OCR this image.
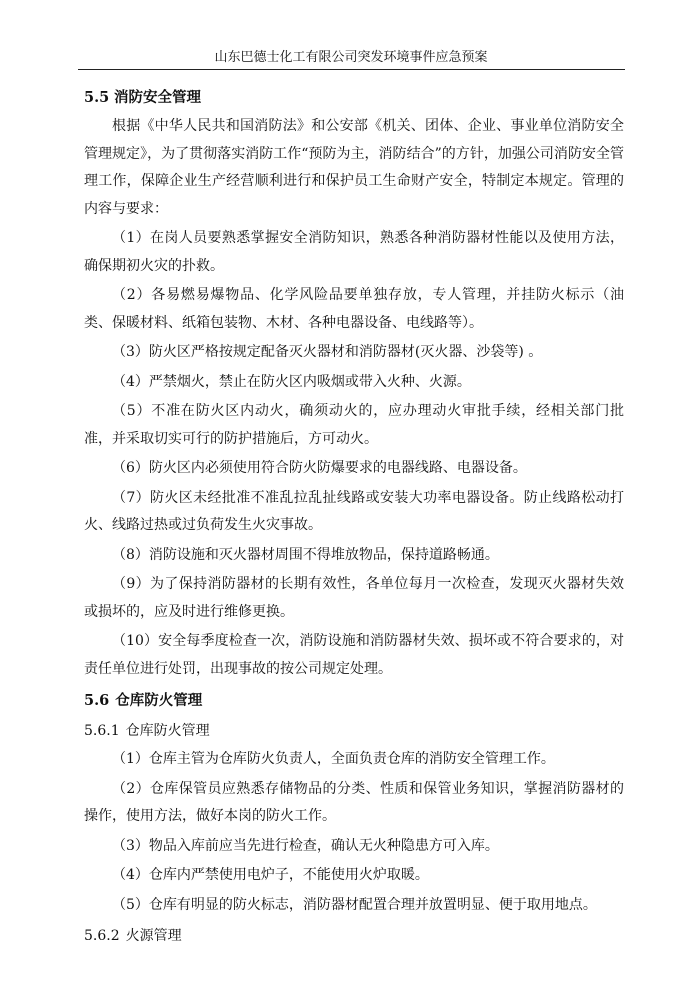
山东巴德士化工有限公司突发环境事件应急预案
5.5 消防安全管理

根据《中华人民共和国消防法》和公安部《机关、团体、企业、事业单位消防安全管理规定》，为了贯彻落实消防工作“预防为主，消防结合”的方针，加强公司消防安全管理工作，保障企业生产经营顺利进行和保护员工生命财产安全，特制定本规定。管理的内容与要求：

（1）在岗人员要熟悉掌握安全消防知识，熟悉各种消防器材性能以及使用方法，确保期初火灾的扑救。

（2）各易燃易爆物品、化学风险品要单独存放，专人管理，并挂防火标示（油类、保暖材料、纸箱包装物、木材、各种电器设备、电线路等）。

（3）防火区严格按规定配备灭火器材和消防器材(灭火器、沙袋等) 。

（4）严禁烟火，禁止在防火区内吸烟或带入火种、火源。

（5）不准在防火区内动火，确须动火的，应办理动火审批手续，经相关部门批准，并采取切实可行的防护措施后，方可动火。

（6）防火区内必须使用符合防火防爆要求的电器线路、电器设备。

（7）防火区未经批准不准乱拉乱扯线路或安装大功率电器设备。防止线路松动打火、线路过热或过负荷发生火灾事故。

（8）消防设施和灭火器材周围不得堆放物品，保持道路畅通。

（9）为了保持消防器材的长期有效性，各单位每月一次检查，发现灭火器材失效或损坏的，应及时进行维修更换。

（10）安全每季度检查一次，消防设施和消防器材失效、损坏或不符合要求的，对责任单位进行处罚，出现事故的按公司规定处理。

5.6 仓库防火管理
5.6.1 仓库防火管理

（1）仓库主管为仓库防火负责人，全面负责仓库的消防安全管理工作。

（2）仓库保管员应熟悉存储物品的分类、性质和保管业务知识，掌握消防器材的操作，使用方法，做好本岗的防火工作。

（3）物品入库前应当先进行检查，确认无火种隐患方可入库。

（4）仓库内严禁使用电炉子，不能使用火炉取暖。

（5）仓库有明显的防火标志，消防器材配置合理并放置明显、便于取用地点。

5.6.2 火源管理
